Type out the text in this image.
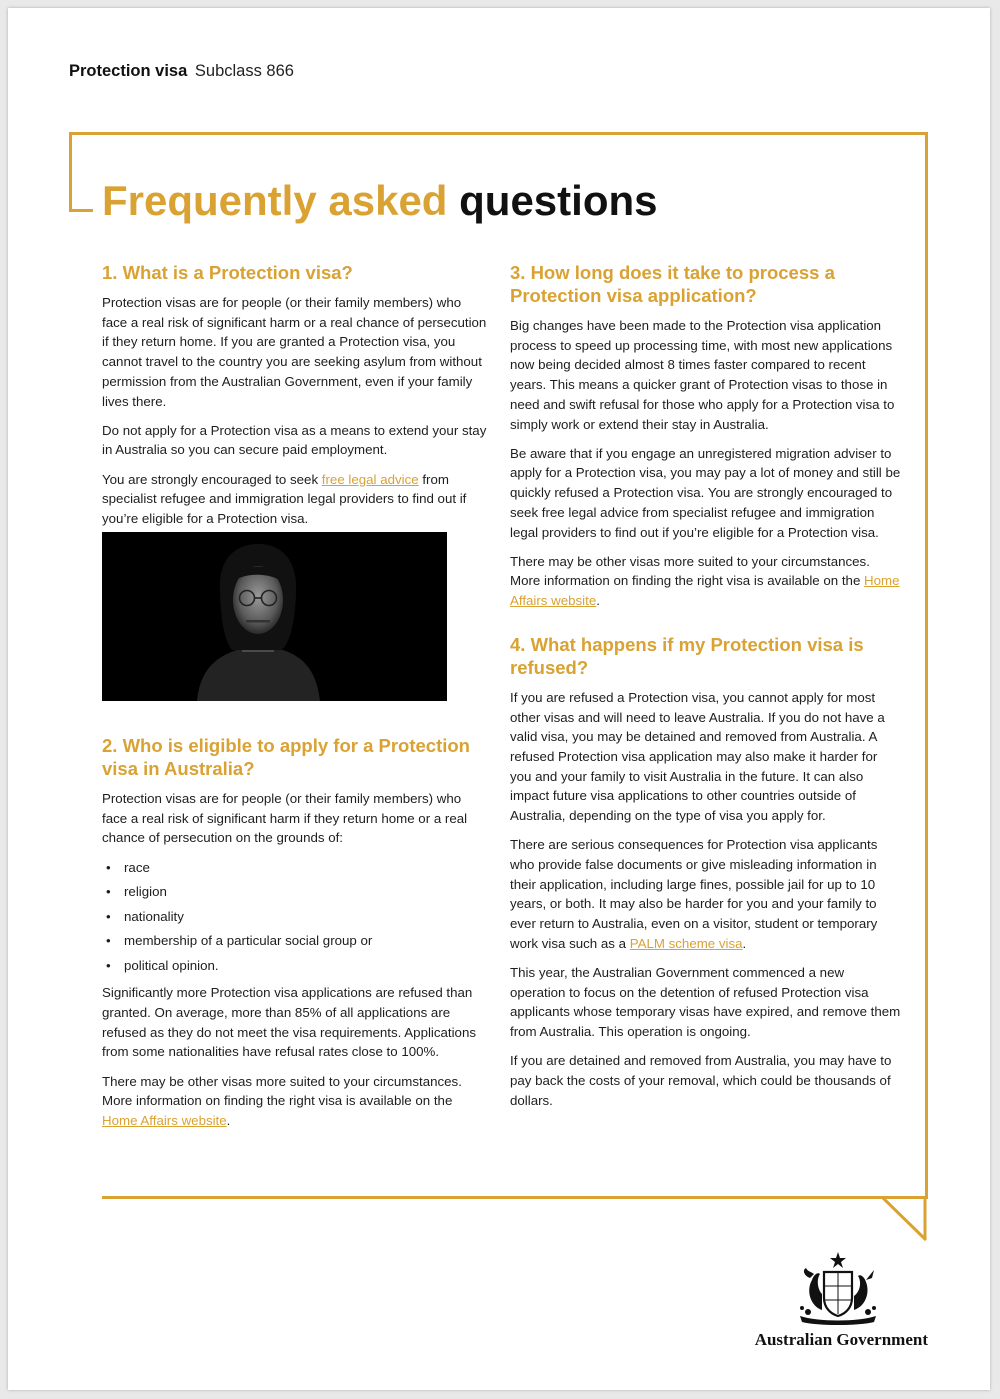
Protection visa Subclass 866
Frequently asked questions
1. What is a Protection visa?

Protection visas are for people (or their family members) who face a real risk of significant harm or a real chance of persecution if they return home. If you are granted a Protection visa, you cannot travel to the country you are seeking asylum from without permission from the Australian Government, even if your family lives there.

Do not apply for a Protection visa as a means to extend your stay in Australia so you can secure paid employment.

You are strongly encouraged to seek free legal advice from specialist refugee and immigration legal providers to find out if you’re eligible for a Protection visa.

2. Who is eligible to apply for a Protection visa in Australia?

Protection visas are for people (or their family members) who face a real risk of significant harm if they return home or a real chance of persecution on the grounds of:

• race
• religion
• nationality
• membership of a particular social group or
• political opinion.

Significantly more Protection visa applications are refused than granted. On average, more than 85% of all applications are refused as they do not meet the visa requirements. Applications from some nationalities have refusal rates close to 100%.

There may be other visas more suited to your circumstances. More information on finding the right visa is available on the Home Affairs website.

3. How long does it take to process a Protection visa application?

Big changes have been made to the Protection visa application process to speed up processing time, with most new applications now being decided almost 8 times faster compared to recent years. This means a quicker grant of Protection visas to those in need and swift refusal for those who apply for a Protection visa to simply work or extend their stay in Australia.

Be aware that if you engage an unregistered migration adviser to apply for a Protection visa, you may pay a lot of money and still be quickly refused a Protection visa. You are strongly encouraged to seek free legal advice from specialist refugee and immigration legal providers to find out if you’re eligible for a Protection visa.

There may be other visas more suited to your circumstances. More information on finding the right visa is available on the Home Affairs website.

4. What happens if my Protection visa is refused?

If you are refused a Protection visa, you cannot apply for most other visas and will need to leave Australia. If you do not have a valid visa, you may be detained and removed from Australia. A refused Protection visa application may also make it harder for you and your family to visit Australia in the future. It can also impact future visa applications to other countries outside of Australia, depending on the type of visa you apply for.

There are serious consequences for Protection visa applicants who provide false documents or give misleading information in their application, including large fines, possible jail for up to 10 years, or both. It may also be harder for you and your family to ever return to Australia, even on a visitor, student or temporary work visa such as a PALM scheme visa.

This year, the Australian Government commenced a new operation to focus on the detention of refused Protection visa applicants whose temporary visas have expired, and remove them from Australia. This operation is ongoing.

If you are detained and removed from Australia, you may have to pay back the costs of your removal, which could be thousands of dollars.

Australian Government
